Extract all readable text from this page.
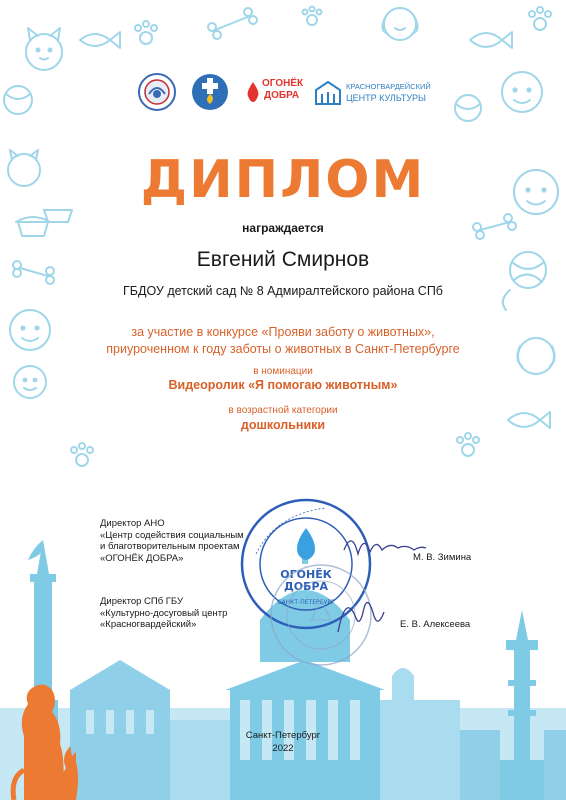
ОГОНЁК
ДОБРА
КРАСНОГВАРДЕЙСКИЙ
ЦЕНТР КУЛЬТУРЫ
ДИПЛОМ
награждается
Евгений Смирнов
ГБДОУ детский сад № 8 Адмиралтейского района СПб
за участие в конкурсе «Прояви заботу о животных»,
приуроченном к году заботы о животных в Санкт-Петербурге
в номинации
Видеоролик «Я помогаю животным»
в возрастной категории
дошкольники
Директор АНО
«Центр содействия социальным
и благотворительным проектам
«ОГОНЁК ДОБРА»	М. В. Зимина
Директор СПб ГБУ
«Культурно-досуговый центр
«Красногвардейский»	Е. В. Алексеева
ОГОНЁК
ДОБРА
САНКТ-ПЕТЕРБУРГ
Санкт-Петербург
2022
